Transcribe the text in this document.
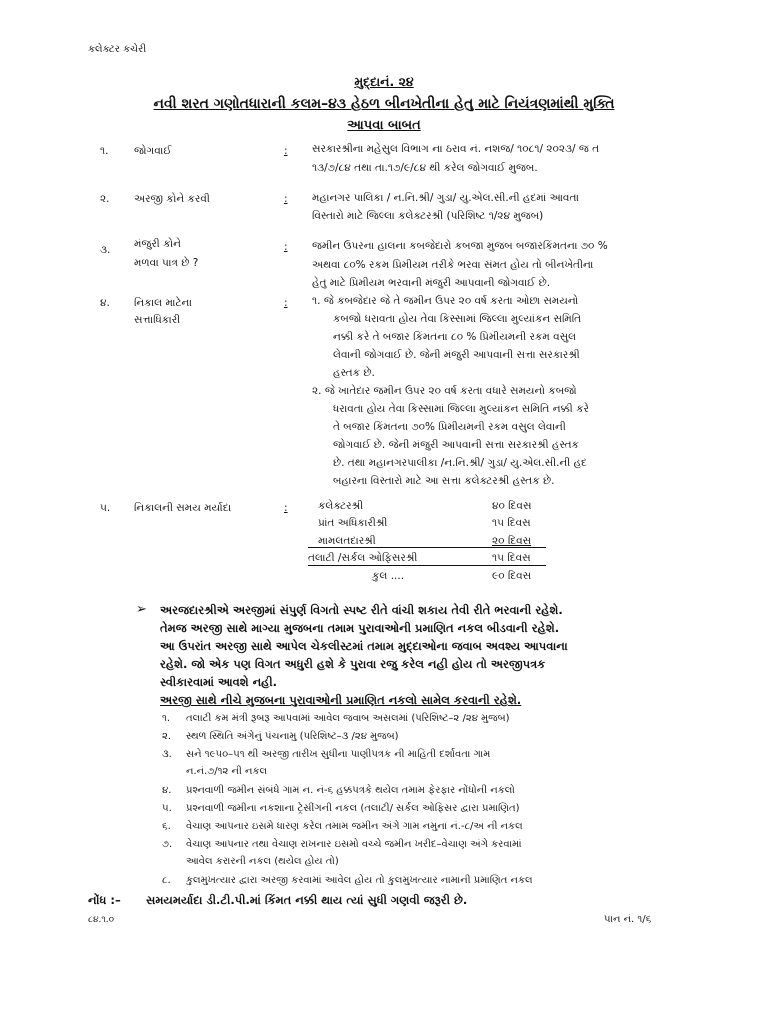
કલેક્ટર કચેરી
મુદ્દાનં. ૨૪
નવી શરત ગણોતધારાની કલમ–૪૩ હેઠળ બીનખેતીના હેતુ માટે નિયંત્રણમાંથી મુક્તિ
આપવા બાબત
૧. જોગવાઈ	: સરકારશ્રીના મહેસુલ વિભાગ ના ઠરાવ નં. નશજ/ ૧૦૮૧/ ૨૦૨૩/ જ ત
૧૩/૭/૮૪ તથા તા.૧૭/૯/૮૪ થી કરેલ જોગવાઈ મુજબ.
૨. અરજી કોને કરવી	: મહાનગર પાલિકા / ન.નિ.શ્રી/ ગુડા/ યુ.એલ.સી.ની હદમાં આવતા
વિસ્તારો માટે જિલ્લા કલેક્ટરશ્રી (પરિશિષ્ટ ૧/૨૪ મુજબ)
૩. મંજુરી કોને
મળવા પાત્ર છે ?
: જમીન ઉપરના હાલના કબજેદારો કબજા મુજબ બજારકિંમતના ૭૦ %
અથવા ૮૦% રકમ પ્રિમીયમ તરીકે ભરવા સંમત હોય તો બીનખેતીના
હેતુ માટે પ્રિમીયમ ભરવાની મંજુરી આપવાની જોગવાઈ છે.
૪. નિકાલ માટેના
સત્તાધિકારી
: ૧. જે કબજેદાર જે તે જમીન ઉપર ૨૦ વર્ષ કરતા ઓછા સમયનો
કબજો ધરાવતા હોય તેવા કિસ્સામાં જિલ્લા મુલ્યાંકન સમિતિ
નક્કી કરે તે બજાર કિંમતના ૮૦ % પ્રિમીયમની રકમ વસુલ
લેવાની જોગવાઈ છે. જેની મંજુરી આપવાની સત્તા સરકારશ્રી
હસ્તક છે.
૨. જે ખાતેદાર જમીન ઉપર ૨૦ વર્ષ કરતા વધારે સમયનો કબજો
ધરાવતા હોય તેવા કિસ્સામાં જિલ્લા મુલ્યાંકન સમિતિ નક્કી કરે
તે બજાર કિંમતના ૭૦% પ્રિમીયમની રકમ વસુલ લેવાની
જોગવાઈ છે. જેની મંજુરી આપવાની સત્તા સરકારશ્રી હસ્તક
છે. તથા મહાનગરપાલીકા /ન.નિ.શ્રી/ ગુડા/ યુ.એલ.સી.ની હદ
બહારના વિસ્તારો માટે આ સત્તા કલેક્ટરશ્રી હસ્તક છે.
૫. નિકાલની સમય મર્યાદા	:	કલેક્ટરશ્રી	૪૦ દિવસ
પ્રાંત અધિકારીશ્રી	૧૫ દિવસ
મામલતદારશ્રી	૨૦ દિવસ
તલાટી /સર્કલ ઓફિસરશ્રી	૧૫ દિવસ
કુલ ....	૯૦ દિવસ
➢ અરજદારશ્રીએ અરજીમાં સંપુર્ણ વિગતો સ્પષ્ટ રીતે વાંચી શકાય તેવી રીતે ભરવાની રહેશે.
તેમજ અરજી સાથે માગ્યા મુજબના તમામ પુરાવાઓની પ્રમાણિત નકલ બીડવાની રહેશે.
આ ઉપરાંત અરજી સાથે આપેલ ચેકલીસ્ટમાં તમામ મુદ્દાઓના જવાબ અવશ્ય આપવાના
રહેશે. જો એક પણ વિગત અધુરી હશે કે પુરાવા રજુ કરેલ નહી હોય તો અરજીપત્રક
સ્વીકારવામાં આવશે નહી.
અરજી સાથે નીચે મુજબના પુરાવાઓની પ્રમાણિત નકલો સામેલ કરવાની રહેશે.
૧. તલાટી કમ મંત્રી રૂબરૂ આપવામાં આવેલ જવાબ અસલમાં (પરિશિષ્ટ–૨ /૨૪ મુજબ)
૨. સ્થળ સ્થિતિ અંગેનું પંચનામુ (પરિશિષ્ટ–૩ /૨૪ મુજબ)
૩. સને ૧૯૫૦–૫૧ થી અરજી તારીખ સુધીના પાણીપત્રક ની માહિતી દર્શાવતા ગામ
ન.નં.૭/૧૨ ની નકલ
૪. પ્રશ્નવાળી જમીન સંબંધે ગામ ન. નં-૬ હક્કપત્રકે થયેલ તમામ ફેરફાર નોંધોની નકલો
૫. પ્રશ્નવાળી જમીના નકશાના ટ્રેસીંગની નકલ (તલાટી/ સર્કલ ઓફિસર દ્વારા પ્રમાણિત)
૬. વેચાણ આપનાર ઇસમે ધારણ કરેલ તમામ જમીન અંગે ગામ નમુના નં.-૮/અ ની નકલ
૭. વેચાણ આપનાર તથા વેચાણ રાખનાર ઇસમો વચ્ચે જમીન ખરીદ–વેચાણ અંગે કરવામાં
આવેલ કરારની નકલ (થયેલ હોય તો)
૮. કુલમુખત્યાર દ્વારા અરજી કરવામાં આવેલ હોય તો કુલમુખત્યાર નામાની પ્રમાણિત નકલ
નોંધ :– સમયમર્યાદા ડી.ટી.પી.માં કિંમત નક્કી થાય ત્યાં સુધી ગણવી જરૂરી છે.
૮૪.૧.૦	પાન નં. ૧/૬
